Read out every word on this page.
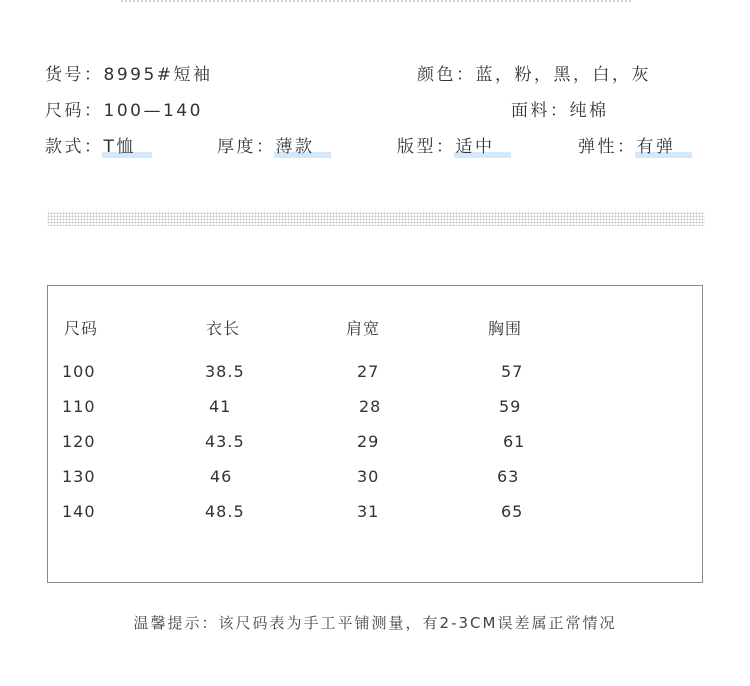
货号：8995#短袖	颜色：蓝，粉，黑，白，灰
尺码：100—140	面料：纯棉
款式：T恤	厚度：薄款	版型：适中	弹性：有弹
尺码	衣长	肩宽	胸围
100	38.5	27	57
110	41	28	59
120	43.5	29	61
130	46	30	63
140	48.5	31	65
温馨提示：该尺码表为手工平铺测量，有2-3CM误差属正常情况
